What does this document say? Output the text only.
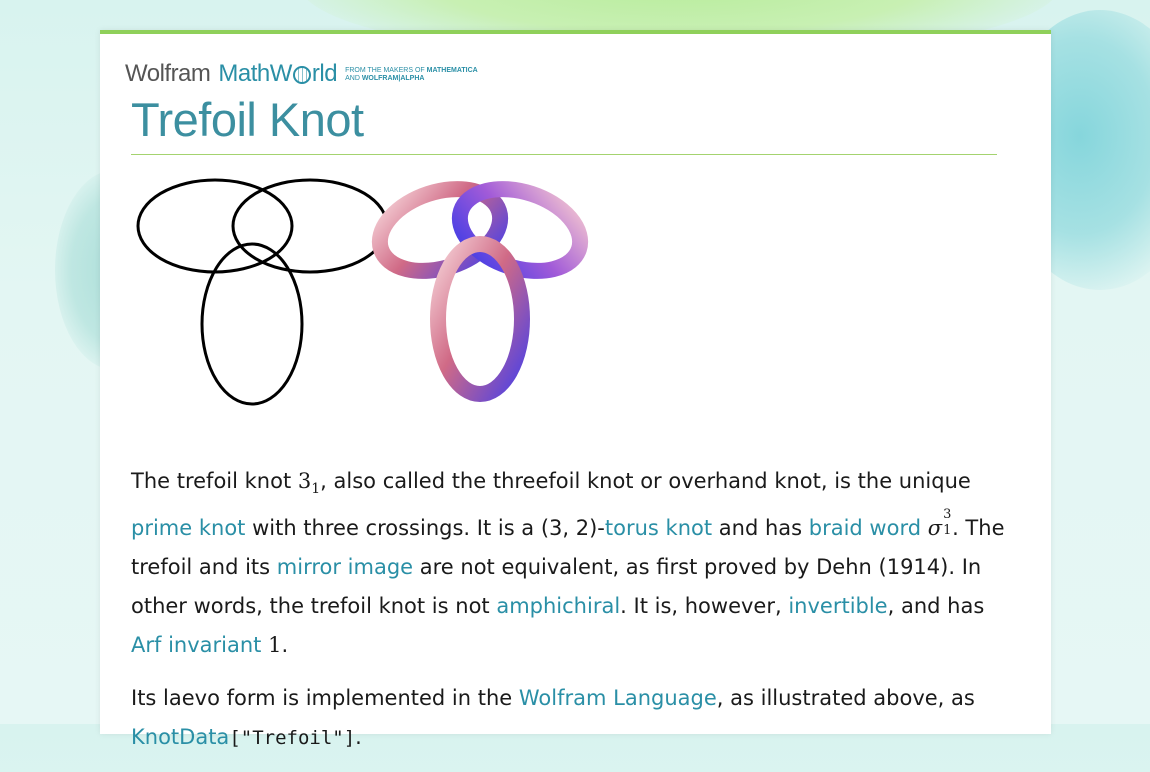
Wolfram MathW rld FROM THE MAKERS OF MATHEMATICA
AND WOLFRAM|ALPHA
Trefoil Knot

The trefoil knot $3_1$, also called the threefoil knot or overhand knot, is the unique prime knot with three crossings. It is a (3, 2)-torus knot and has braid word σ
3
1 . The trefoil and its mirror image are not equivalent, as first proved by Dehn (1914). In other words, the trefoil knot is not amphichiral. It is, however, invertible, and has Arf invariant 1.

Its laevo form is implemented in the Wolfram Language, as illustrated above, as
KnotData["Trefoil"].
